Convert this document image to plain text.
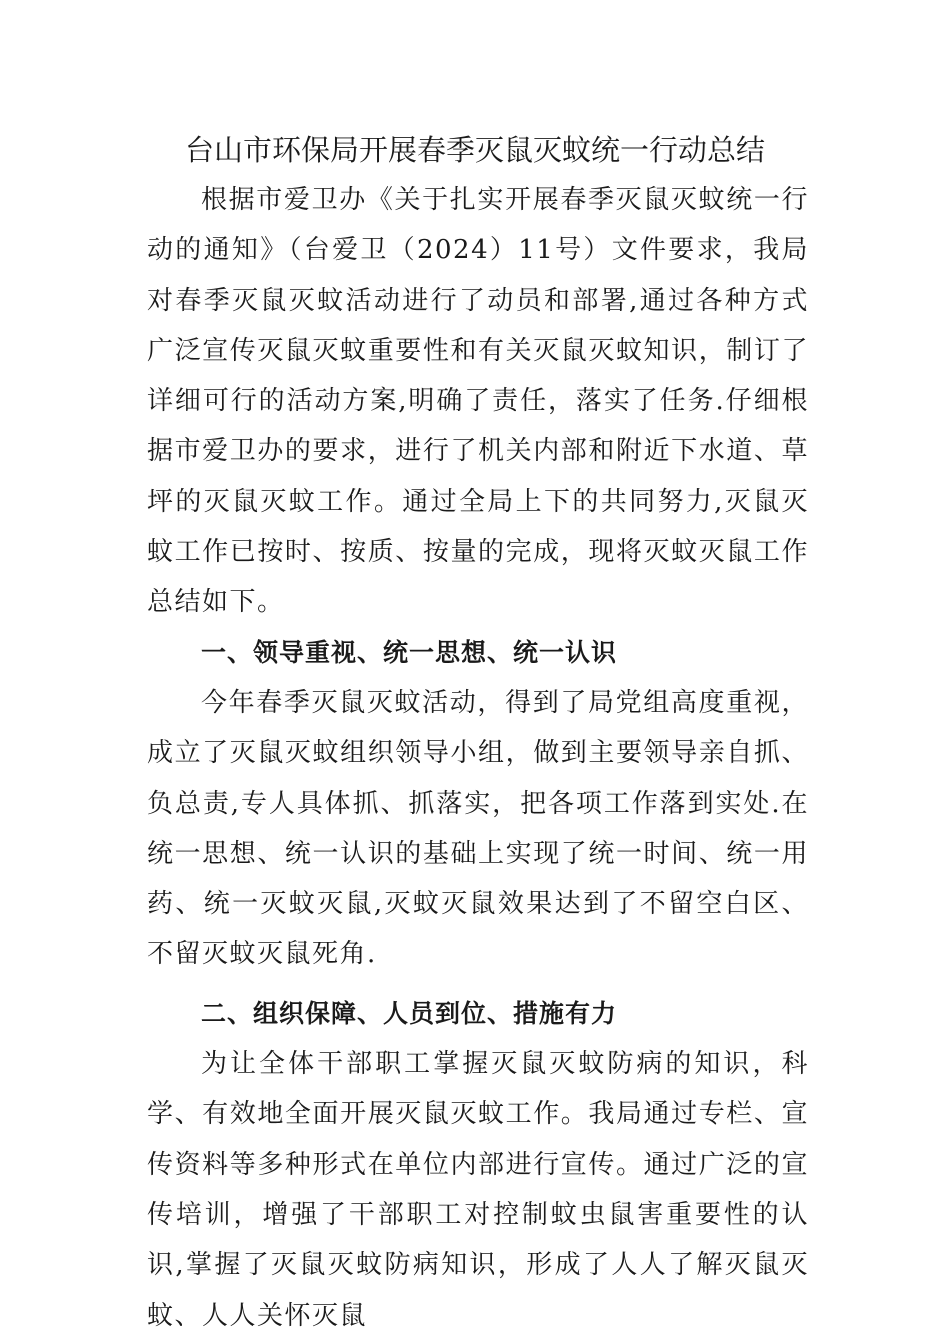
台山市环保局开展春季灭鼠灭蚊统一行动总结

根据市爱卫办《关于扎实开展春季灭鼠灭蚊统一行动的通知》（台爱卫（2024）11号）文件要求，我局对春季灭鼠灭蚊活动进行了动员和部署,通过各种方式广泛宣传灭鼠灭蚊重要性和有关灭鼠灭蚊知识，制订了详细可行的活动方案,明确了责任，落实了任务.仔细根据市爱卫办的要求，进行了机关内部和附近下水道、草坪的灭鼠灭蚊工作。通过全局上下的共同努力,灭鼠灭蚊工作已按时、按质、按量的完成，现将灭蚊灭鼠工作总结如下。

一、领导重视、统一思想、统一认识

今年春季灭鼠灭蚊活动，得到了局党组高度重视，成立了灭鼠灭蚊组织领导小组，做到主要领导亲自抓、负总责,专人具体抓、抓落实，把各项工作落到实处.在统一思想、统一认识的基础上实现了统一时间、统一用药、统一灭蚊灭鼠,灭蚊灭鼠效果达到了不留空白区、不留灭蚊灭鼠死角.

二、组织保障、人员到位、措施有力

为让全体干部职工掌握灭鼠灭蚊防病的知识，科学、有效地全面开展灭鼠灭蚊工作。我局通过专栏、宣传资料等多种形式在单位内部进行宣传。通过广泛的宣传培训，增强了干部职工对控制蚊虫鼠害重要性的认识,掌握了灭鼠灭蚊防病知识，形成了人人了解灭鼠灭蚊、人人关怀灭鼠
